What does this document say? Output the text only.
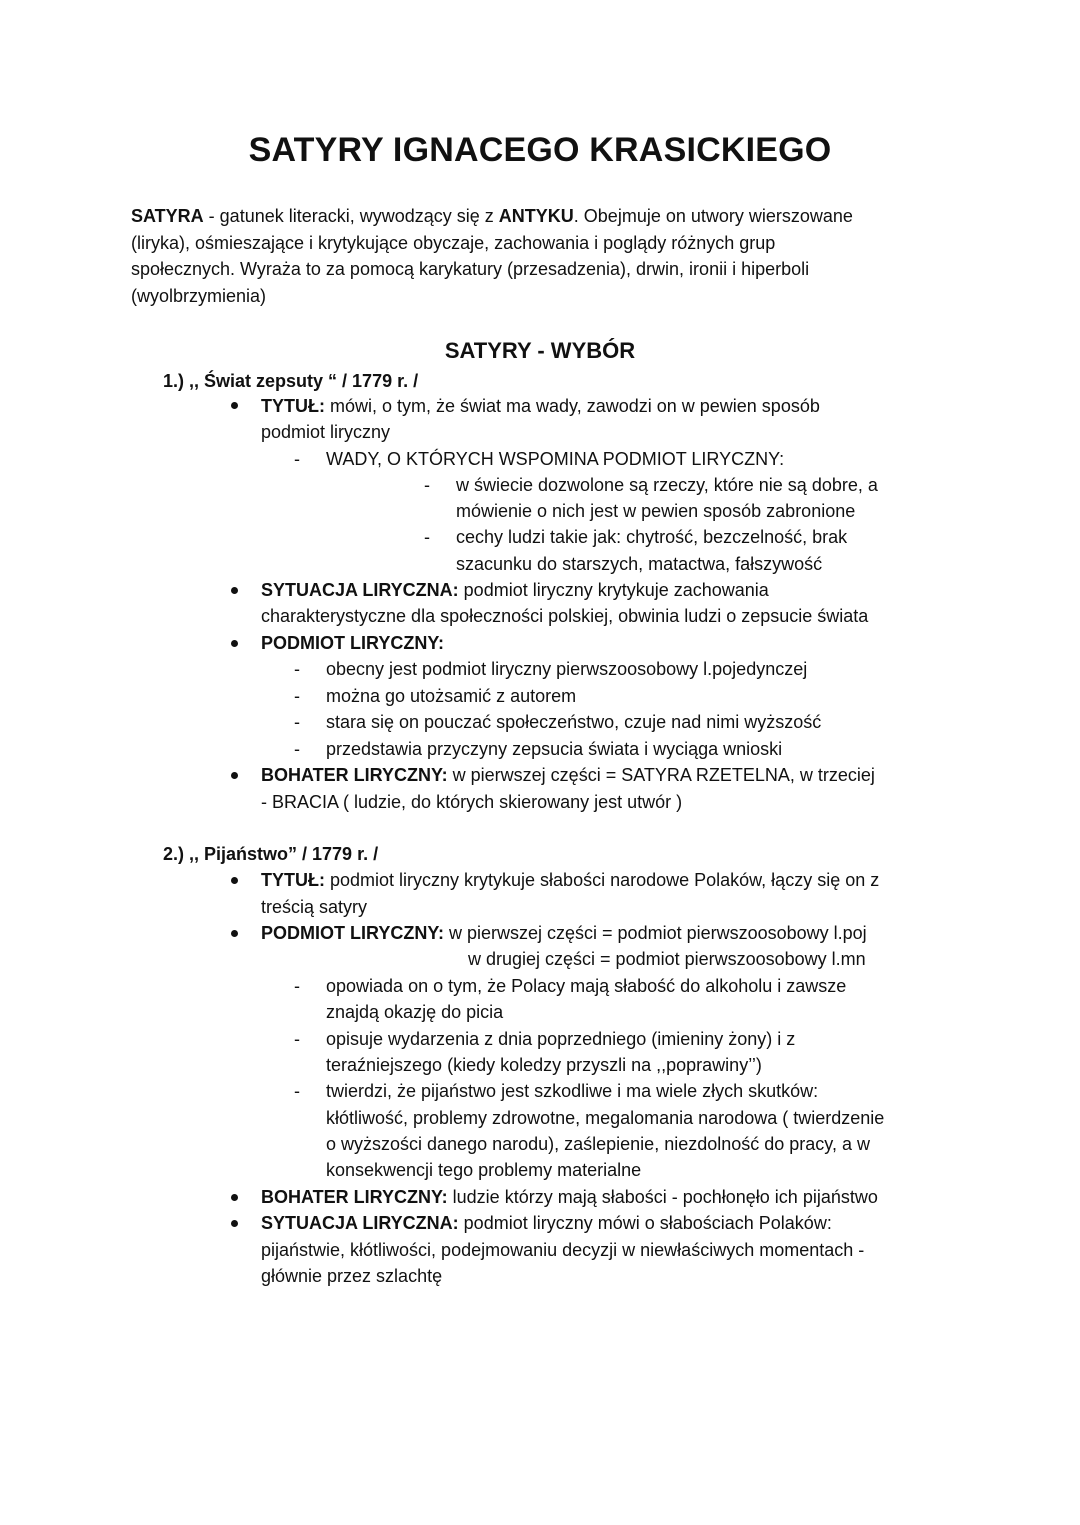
SATYRY IGNACEGO KRASICKIEGO
SATYRA - gatunek literacki, wywodzący się z ANTYKU. Obejmuje on utwory wierszowane
(liryka), ośmieszające i krytykujące obyczaje, zachowania i poglądy różnych grup
społecznych. Wyraża to za pomocą karykatury (przesadzenia), drwin, ironii i hiperboli
(wyolbrzymienia)
SATYRY - WYBÓR
1.) ,, Świat zepsuty “ / 1779 r. /
TYTUŁ: mówi, o tym, że świat ma wady, zawodzi on w pewien sposób
podmiot liryczny
- WADY, O KTÓRYCH WSPOMINA PODMIOT LIRYCZNY:
- w świecie dozwolone są rzeczy, które nie są dobre, a
mówienie o nich jest w pewien sposób zabronione
- cechy ludzi takie jak: chytrość, bezczelność, brak
szacunku do starszych, matactwa, fałszywość
SYTUACJA LIRYCZNA: podmiot liryczny krytykuje zachowania
charakterystyczne dla społeczności polskiej, obwinia ludzi o zepsucie świata
PODMIOT LIRYCZNY:
- obecny jest podmiot liryczny pierwszoosobowy l.pojedynczej
- można go utożsamić z autorem
- stara się on pouczać społeczeństwo, czuje nad nimi wyższość
- przedstawia przyczyny zepsucia świata i wyciąga wnioski
BOHATER LIRYCZNY: w pierwszej części = SATYRA RZETELNA, w trzeciej
- BRACIA ( ludzie, do których skierowany jest utwór )
2.) ,, Pijaństwo” / 1779 r. /
TYTUŁ: podmiot liryczny krytykuje słabości narodowe Polaków, łączy się on z
treścią satyry
PODMIOT LIRYCZNY: w pierwszej części = podmiot pierwszoosobowy l.poj
w drugiej części = podmiot pierwszoosobowy l.mn
- opowiada on o tym, że Polacy mają słabość do alkoholu i zawsze
znajdą okazję do picia
- opisuje wydarzenia z dnia poprzedniego (imieniny żony) i z
teraźniejszego (kiedy koledzy przyszli na ,,poprawiny’’)
- twierdzi, że pijaństwo jest szkodliwe i ma wiele złych skutków:
kłótliwość, problemy zdrowotne, megalomania narodowa ( twierdzenie
o wyższości danego narodu), zaślepienie, niezdolność do pracy, a w
konsekwencji tego problemy materialne
BOHATER LIRYCZNY: ludzie którzy mają słabości - pochłonęło ich pijaństwo
SYTUACJA LIRYCZNA: podmiot liryczny mówi o słabościach Polaków:
pijaństwie, kłótliwości, podejmowaniu decyzji w niewłaściwych momentach -
głównie przez szlachtę
